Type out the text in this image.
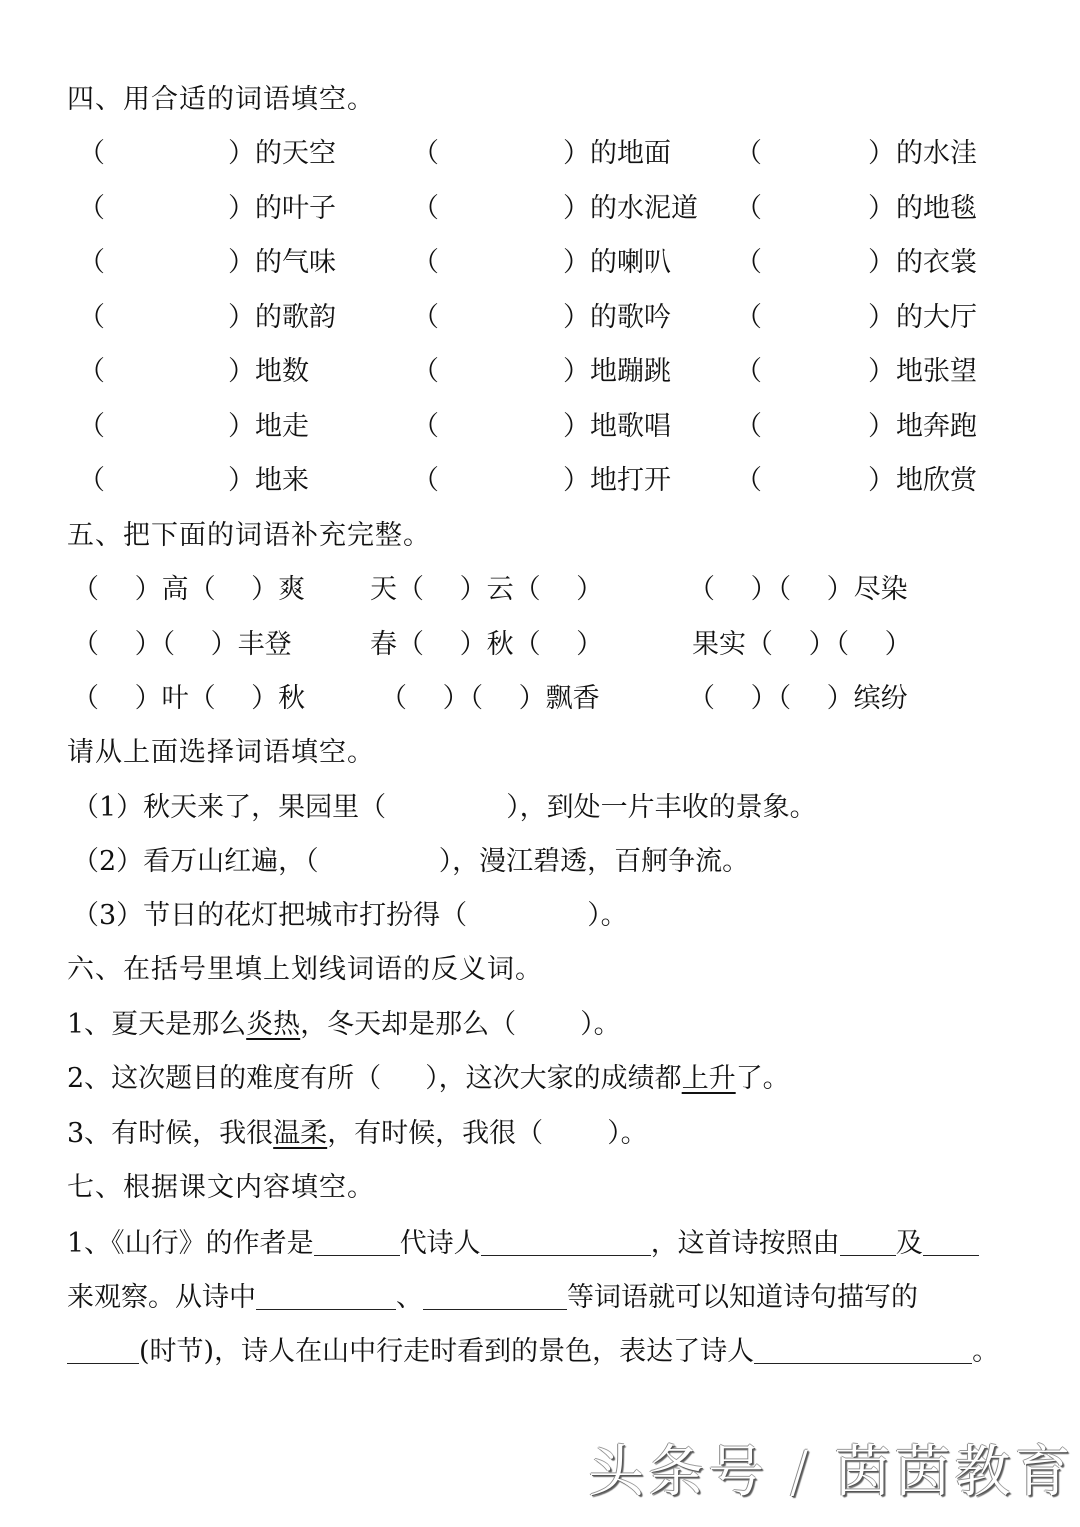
四、用合适的词语填空。
（	） 的天空	（	） 的地面 （	） 的水洼
（	） 的叶子	（	） 的水泥道 （	） 的地毯
（	） 的气味	（	） 的喇叭 （	） 的衣裳
（	） 的歌韵	（	） 的歌吟 （	） 的大厅
（	） 地数	（	） 地蹦跳 （	） 地张望
（	） 地走	（	） 地歌唱 （	） 地奔跑
（	） 地来	（	） 地打开 （	） 地欣赏
五、把下面的词语补充完整。
（　 ）高（　 ）爽 天（　 ）云（　 ）	（　 ）（　 ）尽染
（　 ）（　 ）丰登	春（　 ）秋（　 ）	果实（　 ）（　 ）
（　 ）叶（　 ）秋	（　 ）（　 ）飘香	（　 ）（　 ）缤纷
请从上面选择词语填空。
（1）秋天来了，果园里（	），到处一片丰收的景象。
（2）看万山红遍，（	），漫江碧透，百舸争流。
（3）节日的花灯把城市打扮得（	）。
六、在括号里填上划线词语的反义词。
1、夏天是那么炎热，冬天却是那么（ ）。
2、这次题目的难度有所（ ），这次大家的成绩都上升了。
3、有时候，我很温柔，有时候，我很（ ）。
七、根据课文内容填空。
1、《山行》的作者是	代诗人	，这首诗按照由 及
来观察。从诗中	、	等词语就可以知道诗句描写的
(时节)，诗人在山中行走时看到的景色，表达了诗人	。
头条号 / 茵茵教育
